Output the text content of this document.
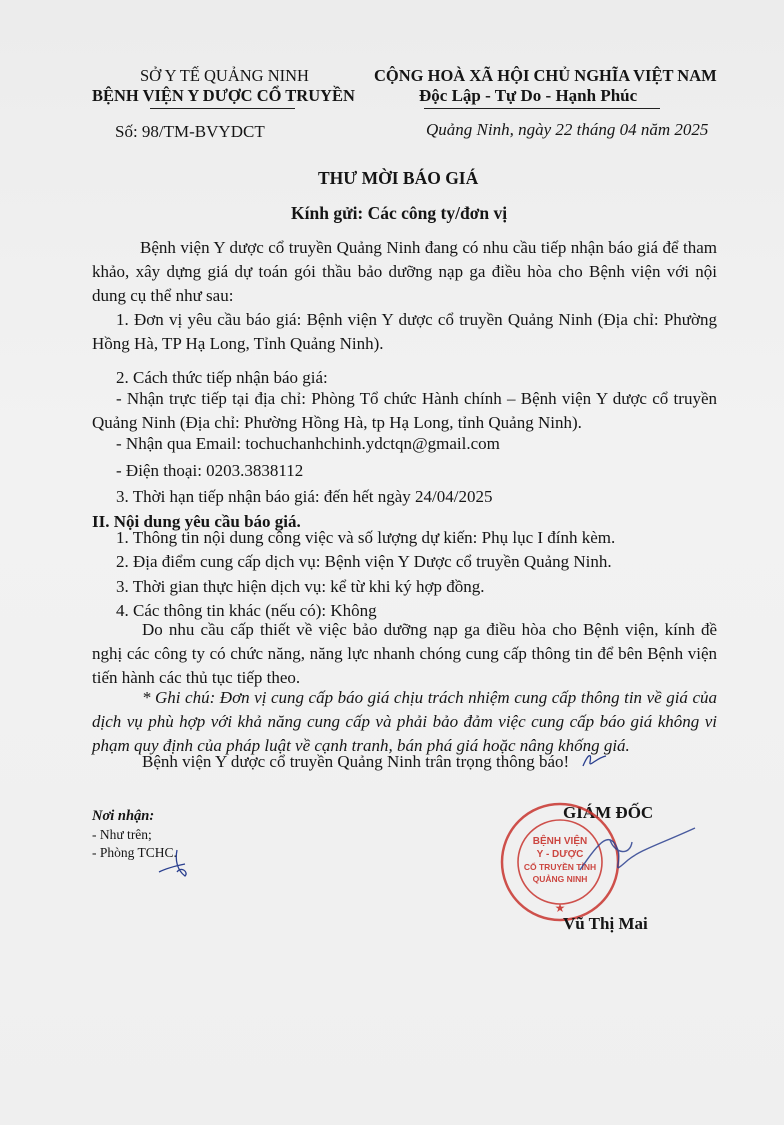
SỞ Y TẾ QUẢNG NINH
BỆNH VIỆN Y DƯỢC CỔ TRUYỀN
CỘNG HOÀ XÃ HỘI CHỦ NGHĨA VIỆT NAM
Độc Lập - Tự Do - Hạnh Phúc
Số: 98/TM-BVYDCT	Quảng Ninh, ngày 22 tháng 04 năm 2025
THƯ MỜI BÁO GIÁ
Kính gửi: Các công ty/đơn vị
Bệnh viện Y dược cổ truyền Quảng Ninh đang có nhu cầu tiếp nhận báo giá để tham khảo, xây dựng giá dự toán gói thầu bảo dưỡng nạp ga điều hòa cho Bệnh viện với nội dung cụ thể như sau:
1. Đơn vị yêu cầu báo giá: Bệnh viện Y dược cổ truyền Quảng Ninh (Địa chỉ: Phường Hồng Hà, TP Hạ Long, Tỉnh Quảng Ninh).
2. Cách thức tiếp nhận báo giá:
- Nhận trực tiếp tại địa chỉ: Phòng Tổ chức Hành chính – Bệnh viện Y dược cổ truyền Quảng Ninh (Địa chỉ: Phường Hồng Hà, tp Hạ Long, tỉnh Quảng Ninh).
- Nhận qua Email: tochuchanhchinh.ydctqn@gmail.com
- Điện thoại: 0203.3838112
3. Thời hạn tiếp nhận báo giá: đến hết ngày 24/04/2025
II. Nội dung yêu cầu báo giá.
1. Thông tin nội dung công việc và số lượng dự kiến: Phụ lục I đính kèm.
2. Địa điểm cung cấp dịch vụ: Bệnh viện Y Dược cổ truyền Quảng Ninh.
3. Thời gian thực hiện dịch vụ: kể từ khi ký hợp đồng.
4. Các thông tin khác (nếu có): Không
Do nhu cầu cấp thiết về việc bảo dưỡng nạp ga điều hòa cho Bệnh viện, kính đề nghị các công ty có chức năng, năng lực nhanh chóng cung cấp thông tin để bên Bệnh viện tiến hành các thủ tục tiếp theo.
* Ghi chú: Đơn vị cung cấp báo giá chịu trách nhiệm cung cấp thông tin về giá của dịch vụ phù hợp với khả năng cung cấp và phải bảo đảm việc cung cấp báo giá không vi phạm quy định của pháp luật về cạnh tranh, bán phá giá hoặc nâng khống giá.
Bệnh viện Y dược cổ truyền Quảng Ninh trân trọng thông báo!
Nơi nhận:
- Như trên;
- Phòng TCHC.
GIÁM ĐỐC
BỆNH VIỆN
Y - DƯỢC
CỔ TRUYỀN TỈNH
QUẢNG NINH
★
Vũ Thị Mai
